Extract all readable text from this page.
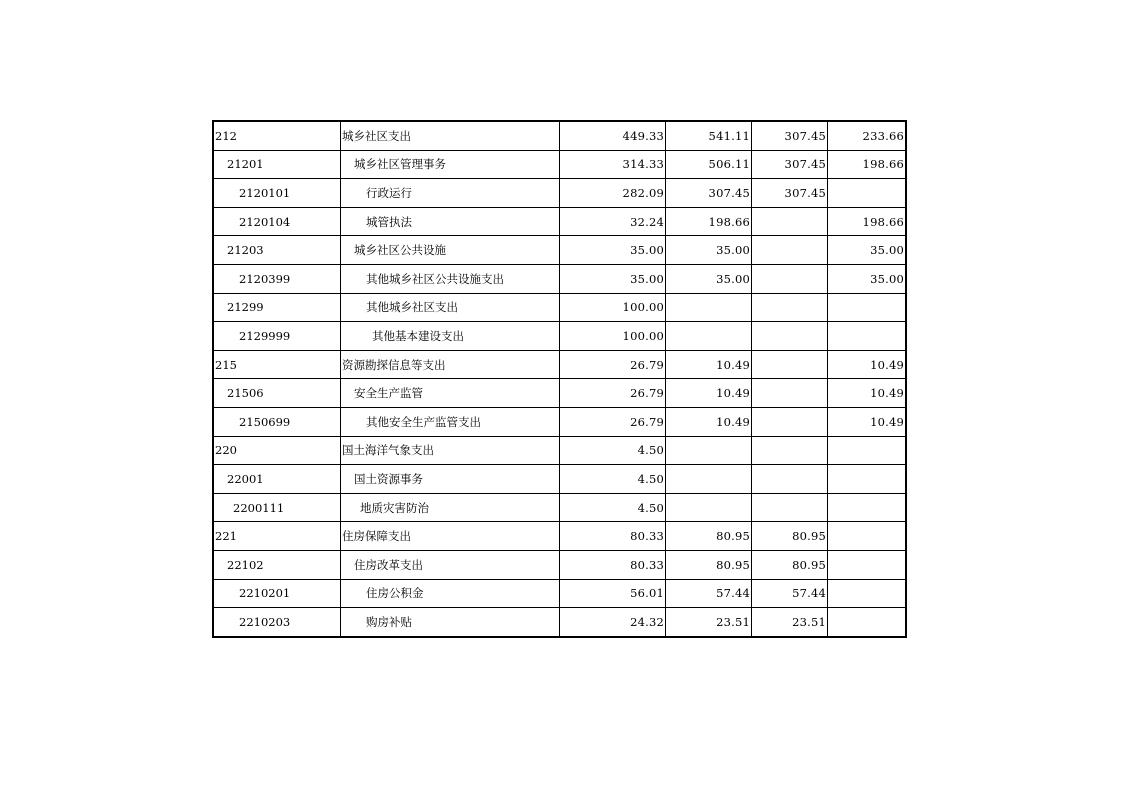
212	城乡社区支出	449.33	541.11	307.45	233.66
21201	城乡社区管理事务	314.33	506.11	307.45	198.66
2120101	行政运行	282.09	307.45	307.45	
2120104	城管执法	32.24	198.66		198.66
21203	城乡社区公共设施	35.00	35.00		35.00
2120399	其他城乡社区公共设施支出	35.00	35.00		35.00
21299	其他城乡社区支出	100.00			
2129999	其他基本建设支出	100.00			
215	资源勘探信息等支出	26.79	10.49		10.49
21506	安全生产监管	26.79	10.49		10.49
2150699	其他安全生产监管支出	26.79	10.49		10.49
220	国土海洋气象支出	4.50			
22001	国土资源事务	4.50			
2200111	地质灾害防治	4.50			
221	住房保障支出	80.33	80.95	80.95	
22102	住房改革支出	80.33	80.95	80.95	
2210201	住房公积金	56.01	57.44	57.44	
2210203	购房补贴	24.32	23.51	23.51	
